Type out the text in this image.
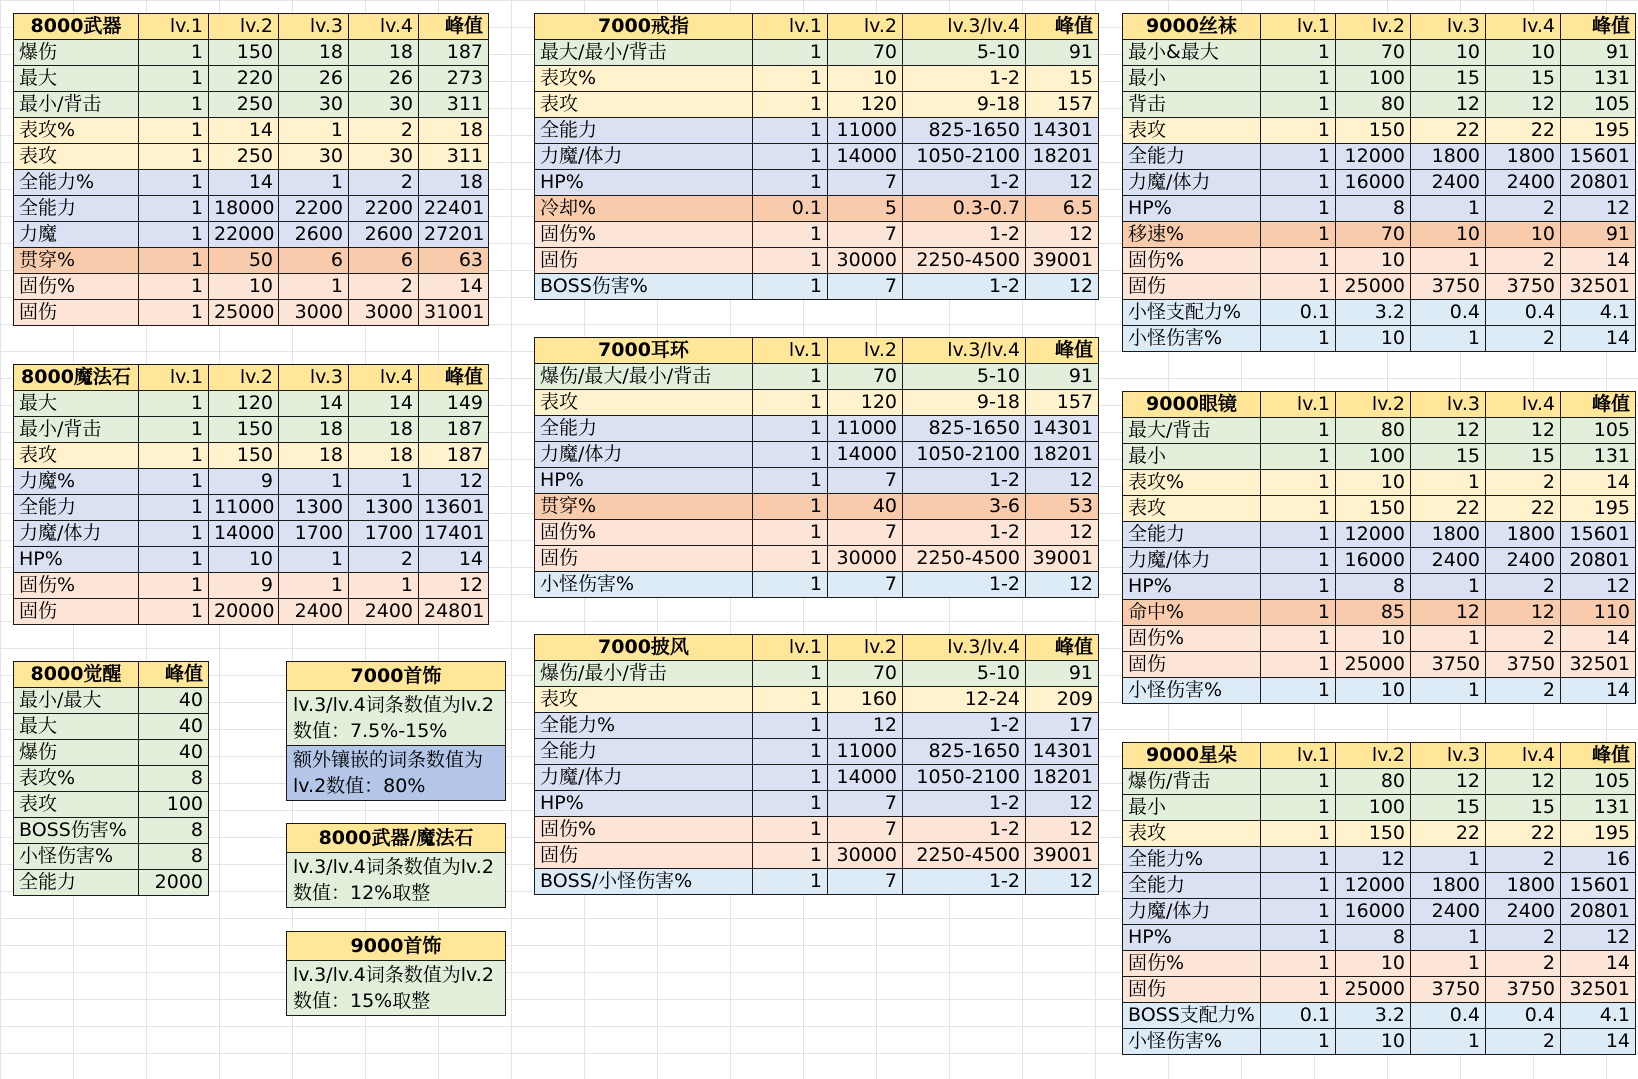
8000武器	lv.1	lv.2	lv.3	lv.4	峰值
爆伤	1	150	18	18	187
最大	1	220	26	26	273
最小/背击	1	250	30	30	311
表攻%	1	14	1	2	18
表攻	1	250	30	30	311
全能力%	1	14	1	2	18
全能力	1	18000	2200	2200	22401
力魔	1	22000	2600	2600	27201
贯穿%	1	50	6	6	63
固伤%	1	10	1	2	14
固伤	1	25000	3000	3000	31001
8000魔法石	lv.1	lv.2	lv.3	lv.4	峰值
最大	1	120	14	14	149
最小/背击	1	150	18	18	187
表攻	1	150	18	18	187
力魔%	1	9	1	1	12
全能力	1	11000	1300	1300	13601
力魔/体力	1	14000	1700	1700	17401
HP%	1	10	1	2	14
固伤%	1	9	1	1	12
固伤	1	20000	2400	2400	24801
8000觉醒	峰值
最小/最大	40
最大	40
爆伤	40
表攻%	8
表攻	100
BOSS伤害%	8
小怪伤害%	8
全能力	2000
7000戒指	lv.1	lv.2	lv.3/lv.4	峰值
最大/最小/背击	1	70	5-10	91
表攻%	1	10	1-2	15
表攻	1	120	9-18	157
全能力	1	11000	825-1650	14301
力魔/体力	1	14000	1050-2100	18201
HP%	1	7	1-2	12
冷却%	0.1	5	0.3-0.7	6.5
固伤%	1	7	1-2	12
固伤	1	30000	2250-4500	39001
BOSS伤害%	1	7	1-2	12
7000耳环	lv.1	lv.2	lv.3/lv.4	峰值
爆伤/最大/最小/背击	1	70	5-10	91
表攻	1	120	9-18	157
全能力	1	11000	825-1650	14301
力魔/体力	1	14000	1050-2100	18201
HP%	1	7	1-2	12
贯穿%	1	40	3-6	53
固伤%	1	7	1-2	12
固伤	1	30000	2250-4500	39001
小怪伤害%	1	7	1-2	12
7000披风	lv.1	lv.2	lv.3/lv.4	峰值
爆伤/最小/背击	1	70	5-10	91
表攻	1	160	12-24	209
全能力%	1	12	1-2	17
全能力	1	11000	825-1650	14301
力魔/体力	1	14000	1050-2100	18201
HP%	1	7	1-2	12
固伤%	1	7	1-2	12
固伤	1	30000	2250-4500	39001
BOSS/小怪伤害%	1	7	1-2	12
9000丝袜	lv.1	lv.2	lv.3	lv.4	峰值
最小&最大	1	70	10	10	91
最小	1	100	15	15	131
背击	1	80	12	12	105
表攻	1	150	22	22	195
全能力	1	12000	1800	1800	15601
力魔/体力	1	16000	2400	2400	20801
HP%	1	8	1	2	12
移速%	1	70	10	10	91
固伤%	1	10	1	2	14
固伤	1	25000	3750	3750	32501
小怪支配力%	0.1	3.2	0.4	0.4	4.1
小怪伤害%	1	10	1	2	14
9000眼镜	lv.1	lv.2	lv.3	lv.4	峰值
最大/背击	1	80	12	12	105
最小	1	100	15	15	131
表攻%	1	10	1	2	14
表攻	1	150	22	22	195
全能力	1	12000	1800	1800	15601
力魔/体力	1	16000	2400	2400	20801
HP%	1	8	1	2	12
命中%	1	85	12	12	110
固伤%	1	10	1	2	14
固伤	1	25000	3750	3750	32501
小怪伤害%	1	10	1	2	14
9000星朵	lv.1	lv.2	lv.3	lv.4	峰值
爆伤/背击	1	80	12	12	105
最小	1	100	15	15	131
表攻	1	150	22	22	195
全能力%	1	12	1	2	16
全能力	1	12000	1800	1800	15601
力魔/体力	1	16000	2400	2400	20801
HP%	1	8	1	2	12
固伤%	1	10	1	2	14
固伤	1	25000	3750	3750	32501
BOSS支配力%	0.1	3.2	0.4	0.4	4.1
小怪伤害%	1	10	1	2	14
7000首饰
lv.3/lv.4词条数值为lv.2数值：7.5%-15%
额外镶嵌的词条数值为lv.2数值：80%
8000武器/魔法石
lv.3/lv.4词条数值为lv.2数值：12%取整
9000首饰
lv.3/lv.4词条数值为lv.2数值：15%取整
